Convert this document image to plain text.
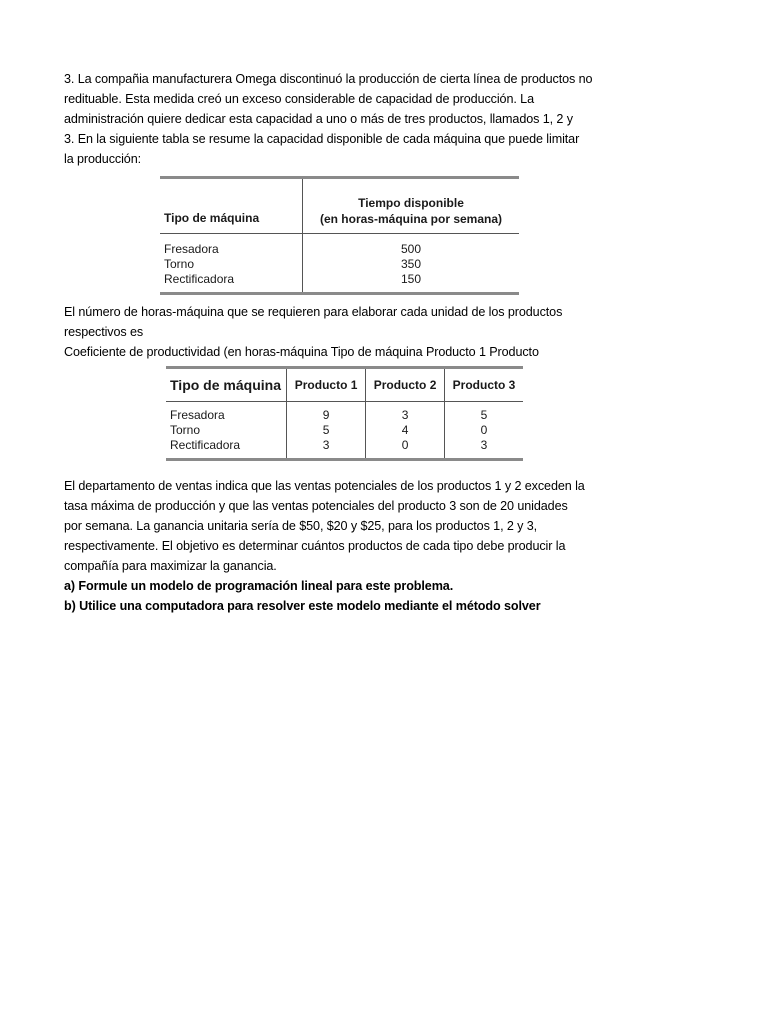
3. La compañia manufacturera Omega discontinuó la producción de cierta línea de productos no
redituable. Esta medida creó un exceso considerable de capacidad de producción. La
administración quiere dedicar esta capacidad a uno o más de tres productos, llamados 1, 2 y
3. En la siguiente tabla se resume la capacidad disponible de cada máquina que puede limitar
la producción:
Tipo de máquina	Tiempo disponible
(en horas-máquina por semana)
Fresadora	500
Torno	350
Rectificadora	150
El número de horas-máquina que se requieren para elaborar cada unidad de los productos
respectivos es
Coeficiente de productividad (en horas-máquina Tipo de máquina Producto 1 Producto
Tipo de máquina	Producto 1	Producto 2	Producto 3
Fresadora	9	3	5
Torno	5	4	0
Rectificadora	3	0	3
El departamento de ventas indica que las ventas potenciales de los productos 1 y 2 exceden la
tasa máxima de producción y que las ventas potenciales del producto 3 son de 20 unidades
por semana. La ganancia unitaria sería de $50, $20 y $25, para los productos 1, 2 y 3,
respectivamente. El objetivo es determinar cuántos productos de cada tipo debe producir la
compañía para maximizar la ganancia.
a) Formule un modelo de programación lineal para este problema.
b) Utilice una computadora para resolver este modelo mediante el método solver
